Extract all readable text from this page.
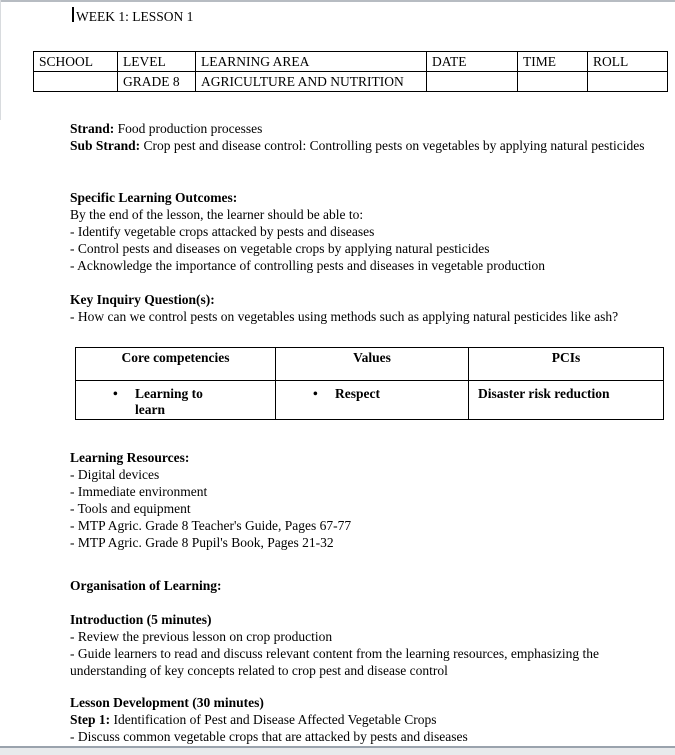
WEEK 1: LESSON 1
SCHOOL	LEVEL	LEARNING AREA	DATE	TIME	ROLL
	GRADE 8	AGRICULTURE AND NUTRITION			
Strand: Food production processes
Sub Strand: Crop pest and disease control: Controlling pests on vegetables by applying natural pesticides
Specific Learning Outcomes:
By the end of the lesson, the learner should be able to:
- Identify vegetable crops attacked by pests and diseases
- Control pests and diseases on vegetable crops by applying natural pesticides
- Acknowledge the importance of controlling pests and diseases in vegetable production
Key Inquiry Question(s):
- How can we control pests on vegetables using methods such as applying natural pesticides like ash?
Core competencies	Values	PCIs

• Learning to learn	• Respect	Disaster risk reduction
Learning Resources:
- Digital devices
- Immediate environment
- Tools and equipment
- MTP Agric. Grade 8 Teacher's Guide, Pages 67-77
- MTP Agric. Grade 8 Pupil's Book, Pages 21-32
Organisation of Learning:
Introduction (5 minutes)
- Review the previous lesson on crop production
- Guide learners to read and discuss relevant content from the learning resources, emphasizing the understanding of key concepts related to crop pest and disease control
Lesson Development (30 minutes)
Step 1: Identification of Pest and Disease Affected Vegetable Crops
- Discuss common vegetable crops that are attacked by pests and diseases
